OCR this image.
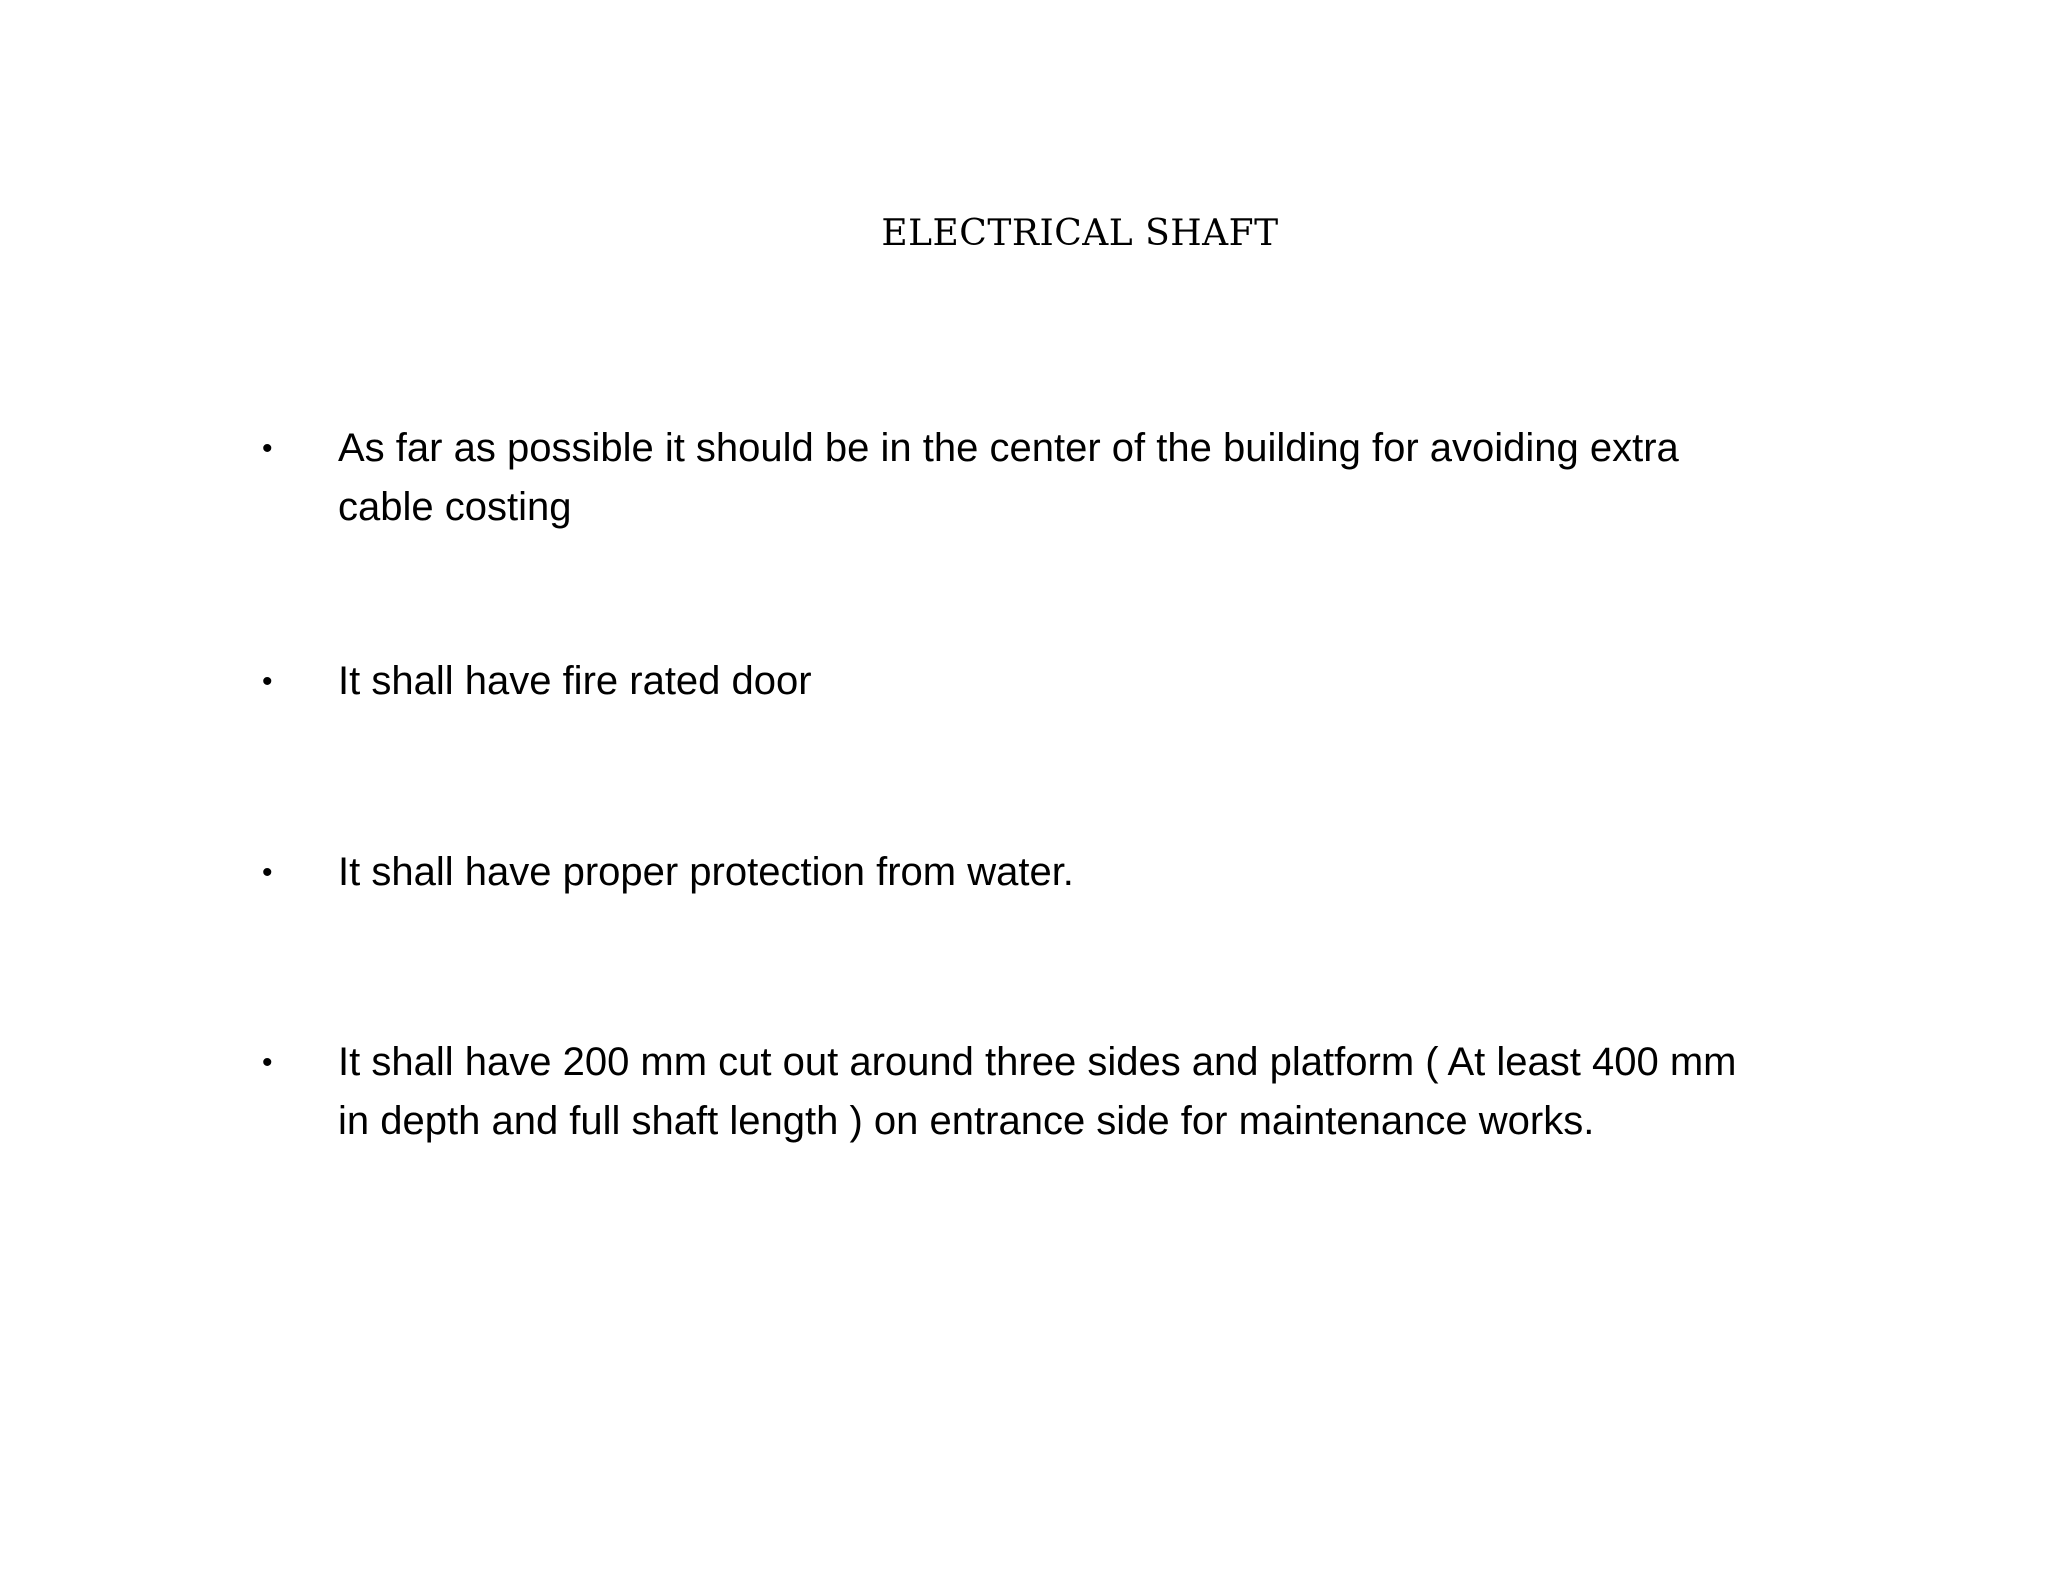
ELECTRICAL SHAFT
•	As far as possible it should be in the center of the building for avoiding extra
cable costing
•	It shall have fire rated door
•	It shall have proper protection from water.
•	It shall have 200 mm cut out around three sides and platform ( At least 400 mm
in depth and full shaft length ) on entrance side for maintenance works.
